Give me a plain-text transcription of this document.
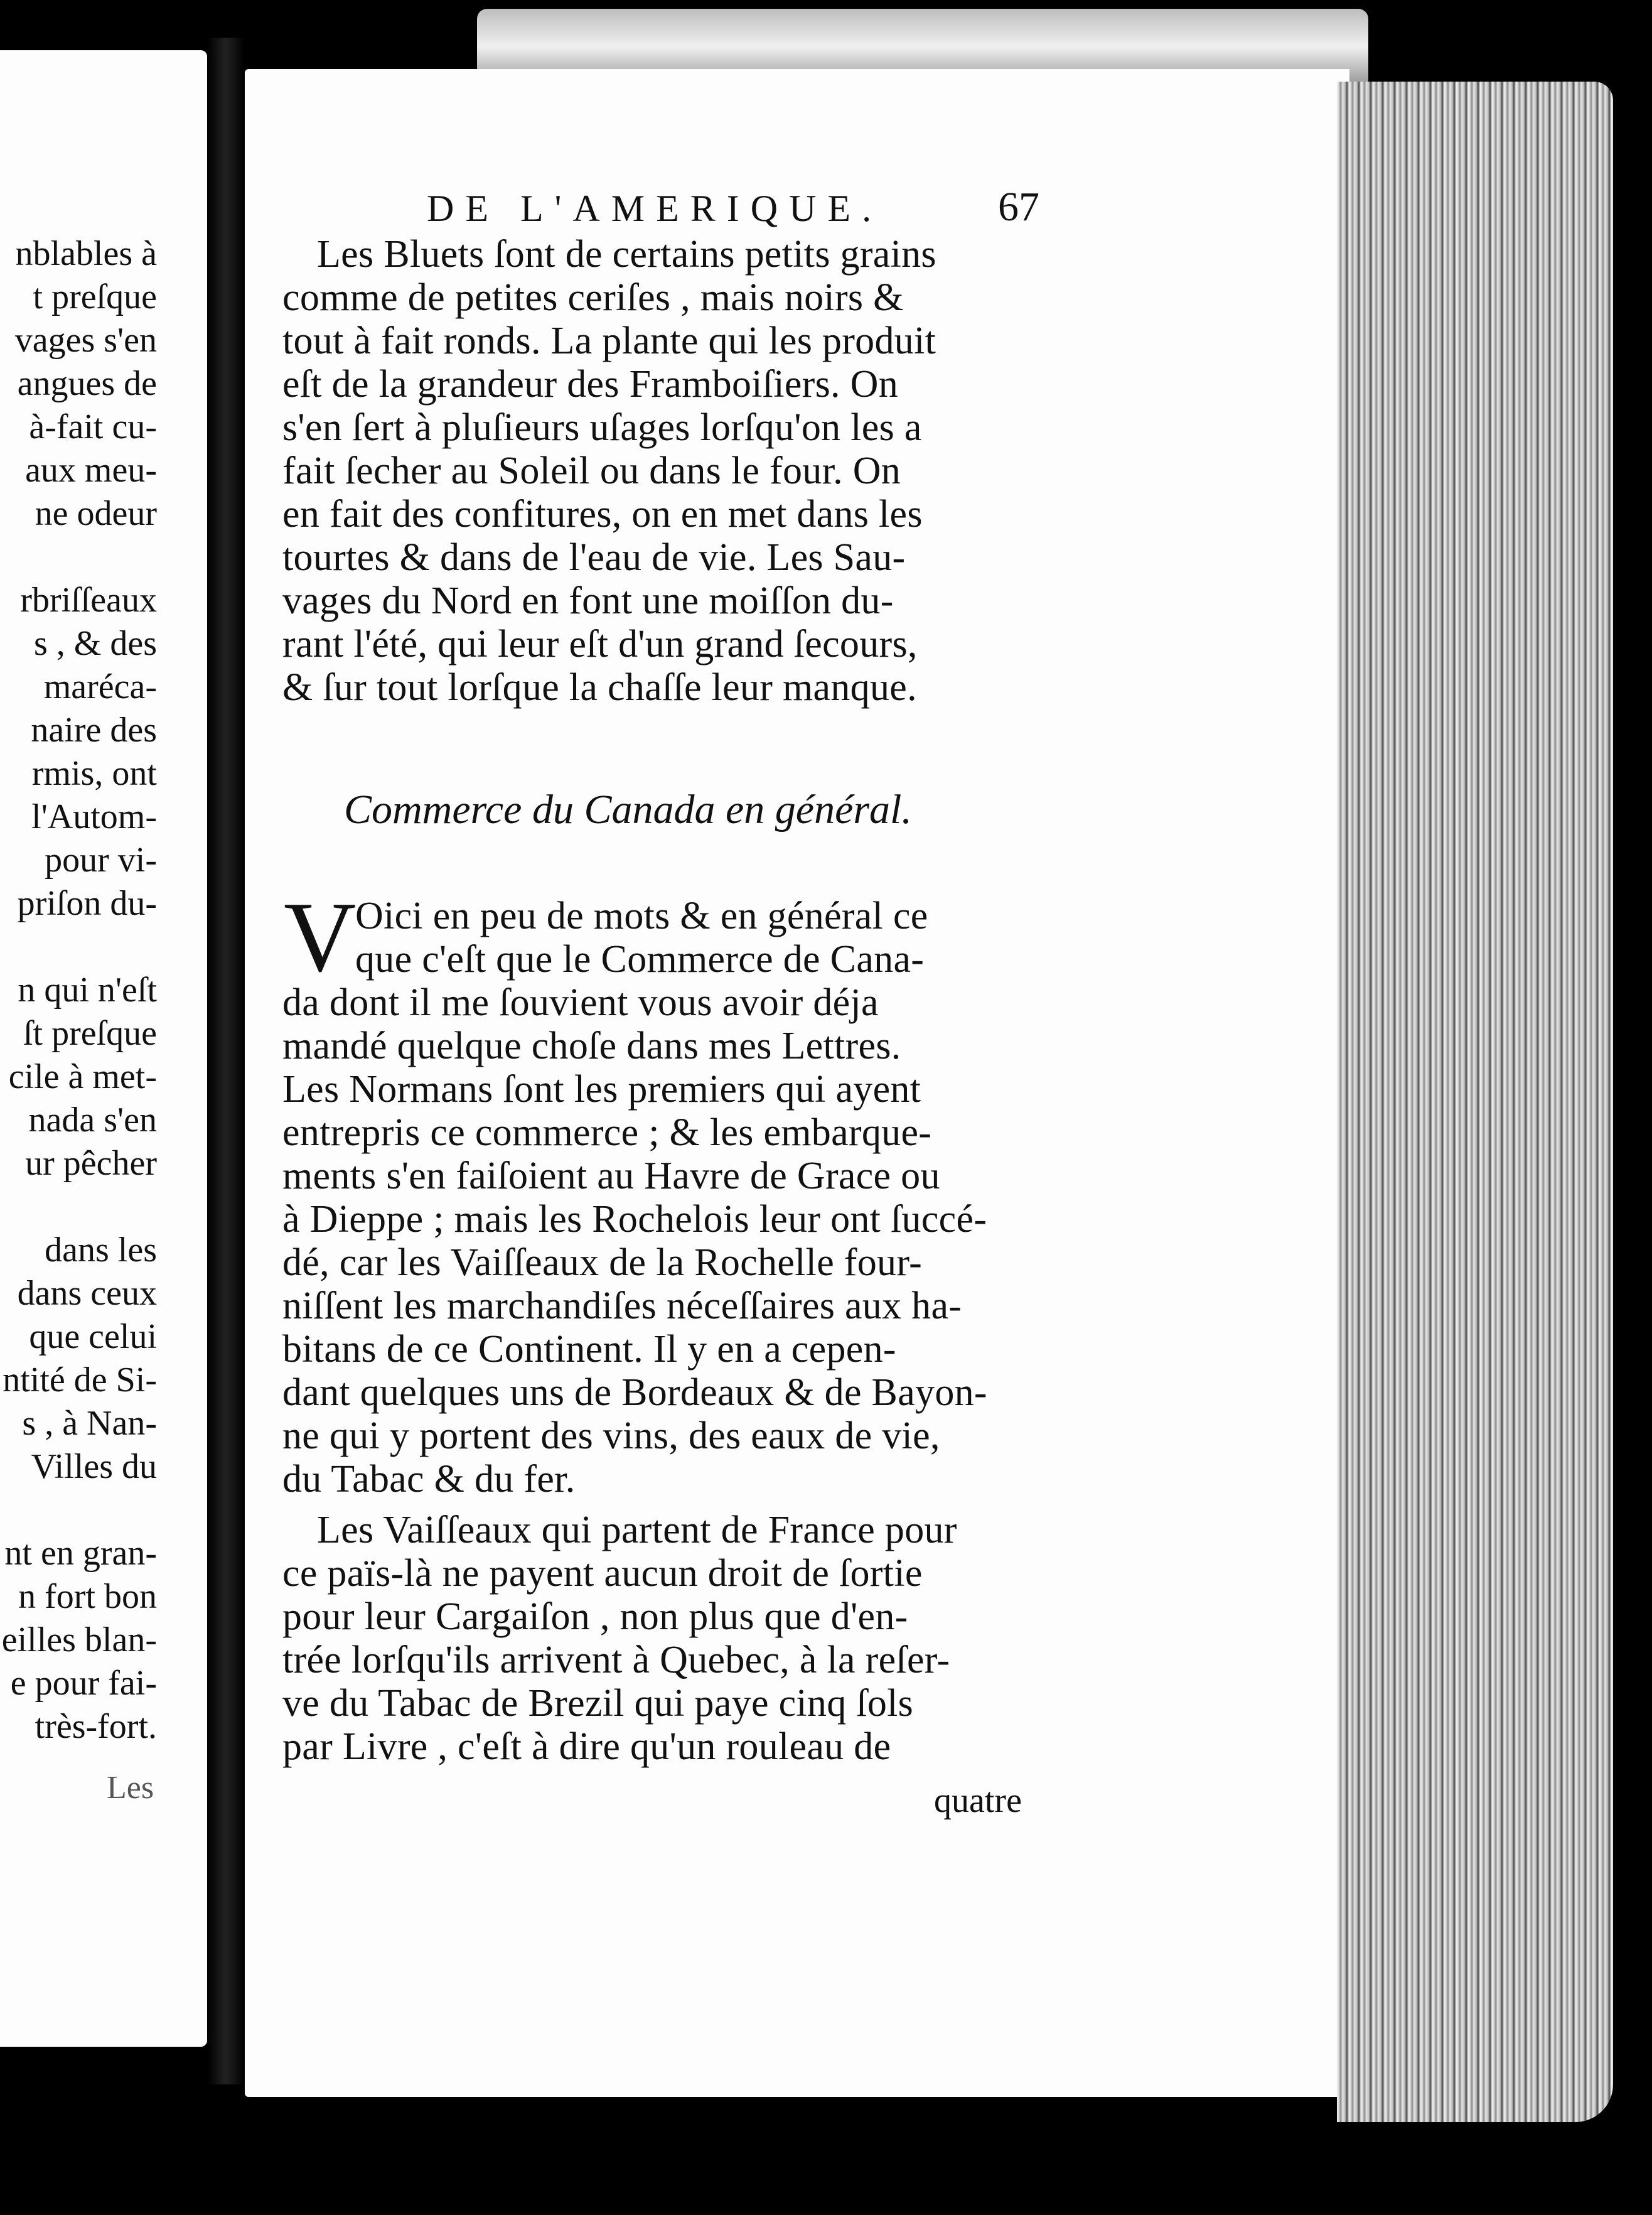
nblables à
t preſque
vages s'en
angues de
à-fait cu-
aux meu-
ne odeur
rbriſſeaux
s , & des
maréca-
naire des
rmis, ont
l'Autom-
pour vi-
priſon du-
n qui n'eſt
ſt preſque
cile à met-
nada s'en
ur pêcher
dans les
dans ceux
que celui
ntité de Si-
s , à Nan-
Villes du
nt en gran-
n fort bon
eilles blan-
e pour fai-
très-fort.
Les
DE L'AMERIQUE.	67
Les Bluets ſont de certains petits grains
comme de petites ceriſes , mais noirs &
tout à fait ronds. La plante qui les produit
eſt de la grandeur des Framboiſiers. On
s'en ſert à pluſieurs uſages lorſqu'on les a
fait ſecher au Soleil ou dans le four. On
en fait des confitures, on en met dans les
tourtes & dans de l'eau de vie. Les Sau-
vages du Nord en font une moiſſon du-
rant l'été, qui leur eſt d'un grand ſecours,
& ſur tout lorſque la chaſſe leur manque.
Commerce du Canada en général.
V
Oici en peu de mots & en général ce
que c'eſt que le Commerce de Cana-
da dont il me ſouvient vous avoir déja
mandé quelque choſe dans mes Lettres.
Les Normans ſont les premiers qui ayent
entrepris ce commerce ; & les embarque-
ments s'en faiſoient au Havre de Grace ou
à Dieppe ; mais les Rochelois leur ont ſuccé-
dé, car les Vaiſſeaux de la Rochelle four-
niſſent les marchandiſes néceſſaires aux ha-
bitans de ce Continent. Il y en a cepen-
dant quelques uns de Bordeaux & de Bayon-
ne qui y portent des vins, des eaux de vie,
du Tabac & du fer.
Les Vaiſſeaux qui partent de France pour
ce païs-là ne payent aucun droit de ſortie
pour leur Cargaiſon , non plus que d'en-
trée lorſqu'ils arrivent à Quebec, à la reſer-
ve du Tabac de Brezil qui paye cinq ſols
par Livre , c'eſt à dire qu'un rouleau de
quatre
